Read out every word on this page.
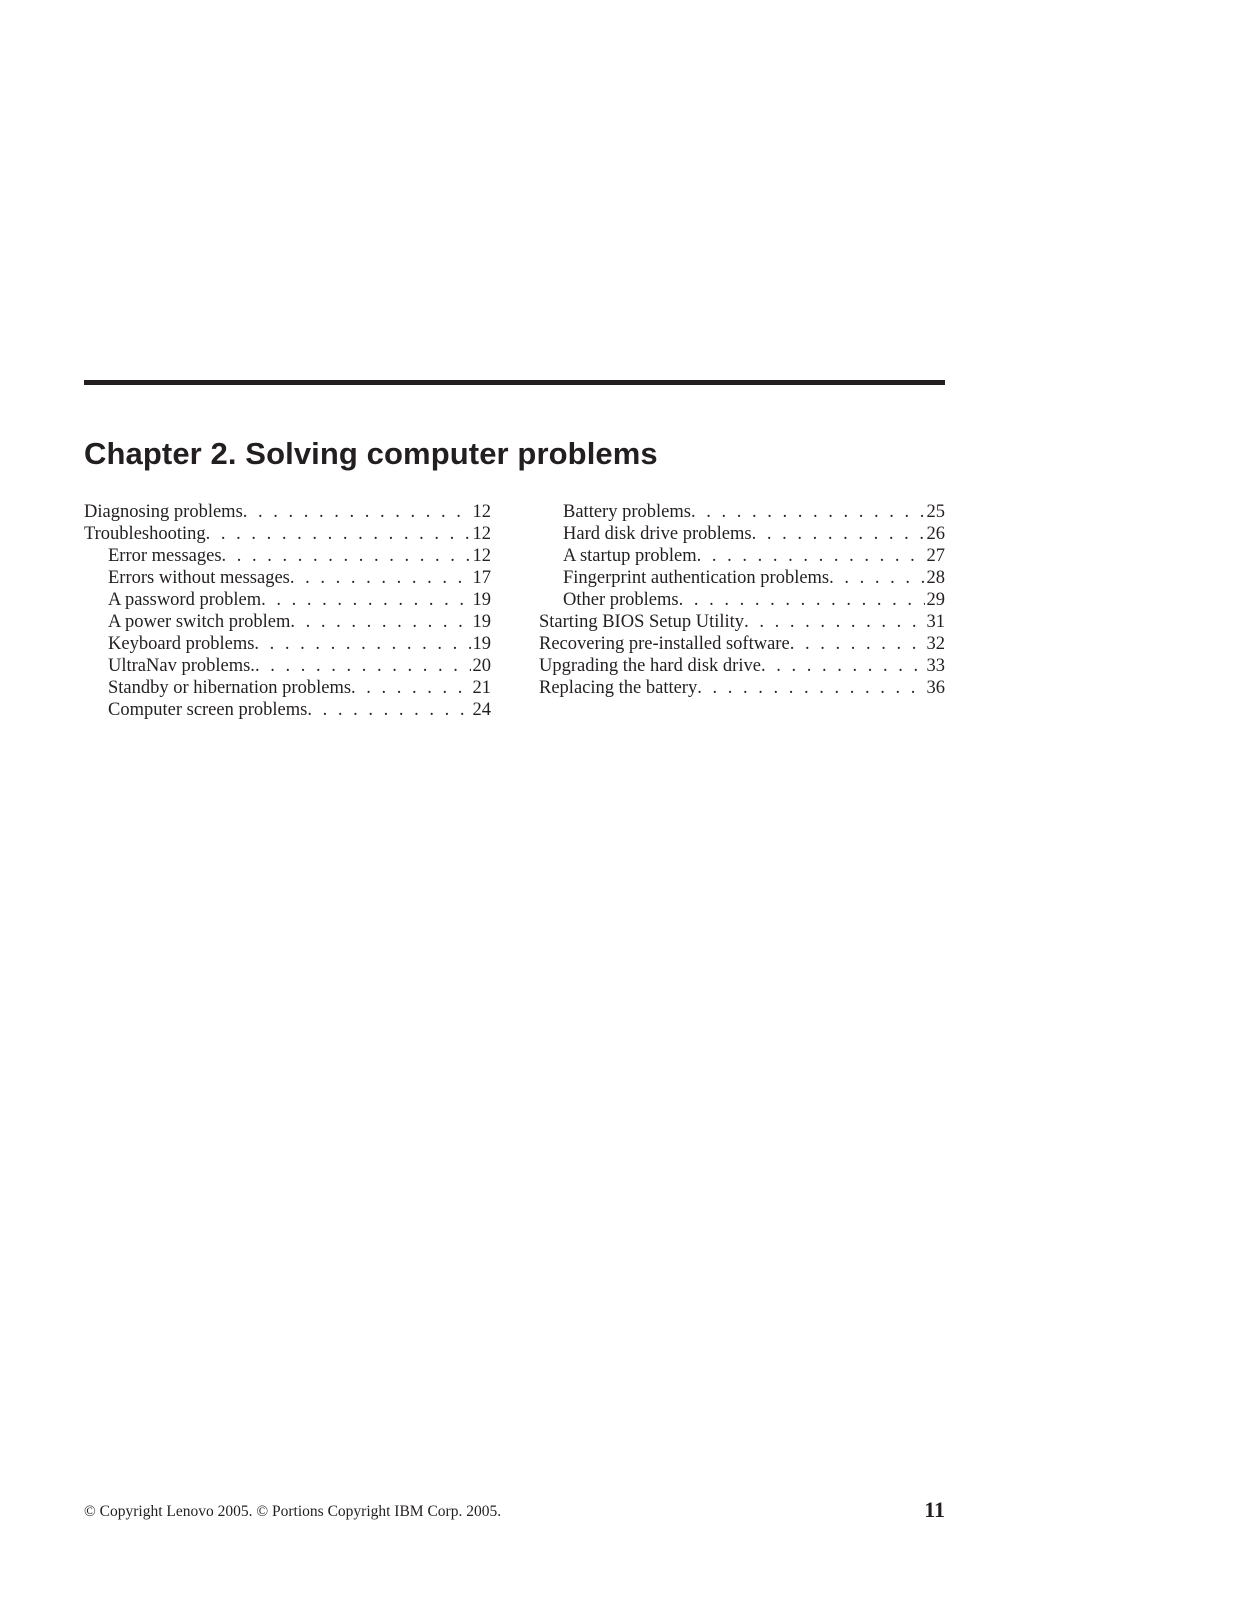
Chapter 2. Solving computer problems
Diagnosing problems . . .	12
Troubleshooting . . .	12
Error messages . . .	12
Errors without messages . . .	17
A password problem . . .	19
A power switch problem . . .	19
Keyboard problems . . .	19
UltraNav problems. . . .	20
Standby or hibernation problems . . .	21
Computer screen problems . . .	24
Battery problems . . .	25
Hard disk drive problems . . .	26
A startup problem . . .	27
Fingerprint authentication problems . . .	28
Other problems . . .	29
Starting BIOS Setup Utility . . .	31
Recovering pre-installed software . . .	32
Upgrading the hard disk drive . . .	33
Replacing the battery . . .	36
© Copyright Lenovo 2005. © Portions Copyright IBM Corp. 2005.	11
